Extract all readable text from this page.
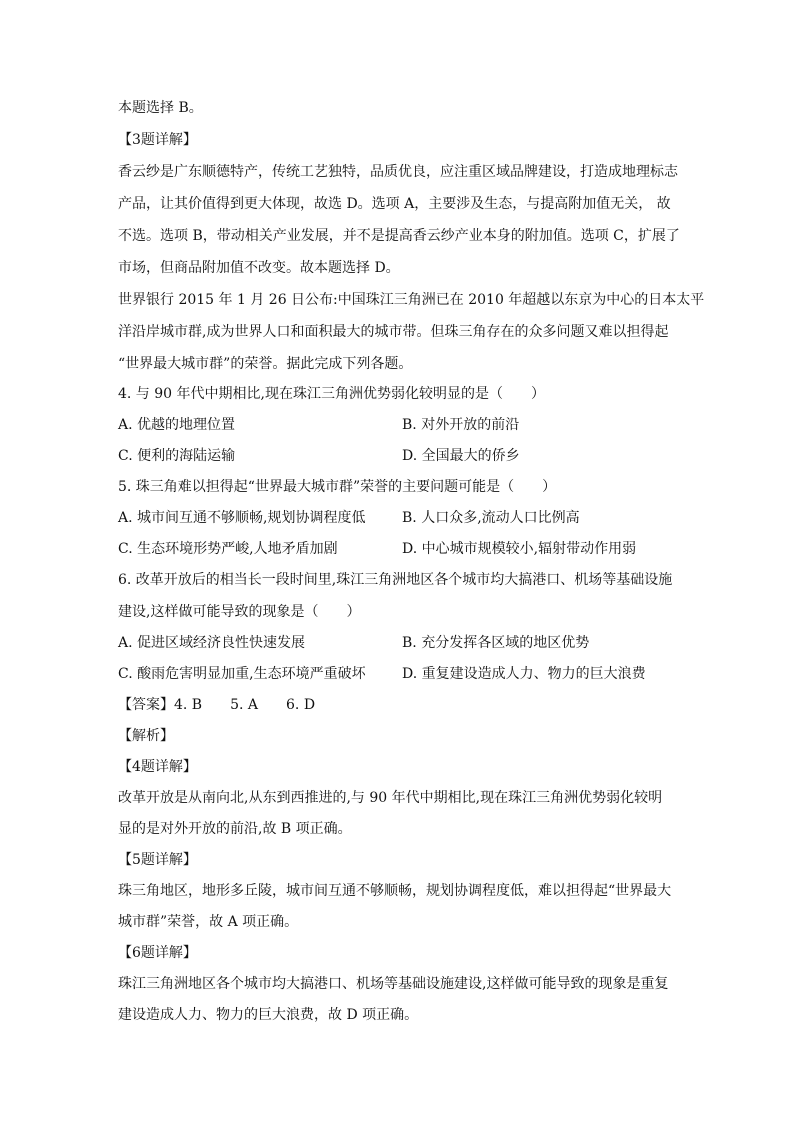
本题选择 B。
【3题详解】
香云纱是广东顺德特产，传统工艺独特，品质优良，应注重区域品牌建设，打造成地理标志
产品，让其价值得到更大体现，故选 D。选项 A，主要涉及生态，与提高附加值无关， 故
不选。选项 B，带动相关产业发展，并不是提高香云纱产业本身的附加值。选项 C，扩展了
市场，但商品附加值不改变。故本题选择 D。
世界银行 2015 年 1 月 26 日公布:中国珠江三角洲已在 2010 年超越以东京为中心的日本太平
洋沿岸城市群,成为世界人口和面积最大的城市带。但珠三角存在的众多问题又难以担得起
“世界最大城市群”的荣誉。据此完成下列各题。
4. 与 90 年代中期相比,现在珠江三角洲优势弱化较明显的是（　　）
A. 优越的地理位置	B. 对外开放的前沿
C. 便利的海陆运输	D. 全国最大的侨乡
5. 珠三角难以担得起“世界最大城市群”荣誉的主要问题可能是（　　）
A. 城市间互通不够顺畅,规划协调程度低	B. 人口众多,流动人口比例高
C. 生态环境形势严峻,人地矛盾加剧	D. 中心城市规模较小,辐射带动作用弱
6. 改革开放后的相当长一段时间里,珠江三角洲地区各个城市均大搞港口、机场等基础设施
建设,这样做可能导致的现象是（　　）
A. 促进区域经济良性快速发展	B. 充分发挥各区域的地区优势
C. 酸雨危害明显加重,生态环境严重破坏	D. 重复建设造成人力、物力的巨大浪费
【答案】4. B　　5. A　　6. D
【解析】
【4题详解】
改革开放是从南向北,从东到西推进的,与 90 年代中期相比,现在珠江三角洲优势弱化较明
显的是对外开放的前沿,故 B 项正确。
【5题详解】
珠三角地区，地形多丘陵，城市间互通不够顺畅，规划协调程度低，难以担得起“世界最大
城市群”荣誉，故 A 项正确。
【6题详解】
珠江三角洲地区各个城市均大搞港口、机场等基础设施建设,这样做可能导致的现象是重复
建设造成人力、物力的巨大浪费，故 D 项正确。
